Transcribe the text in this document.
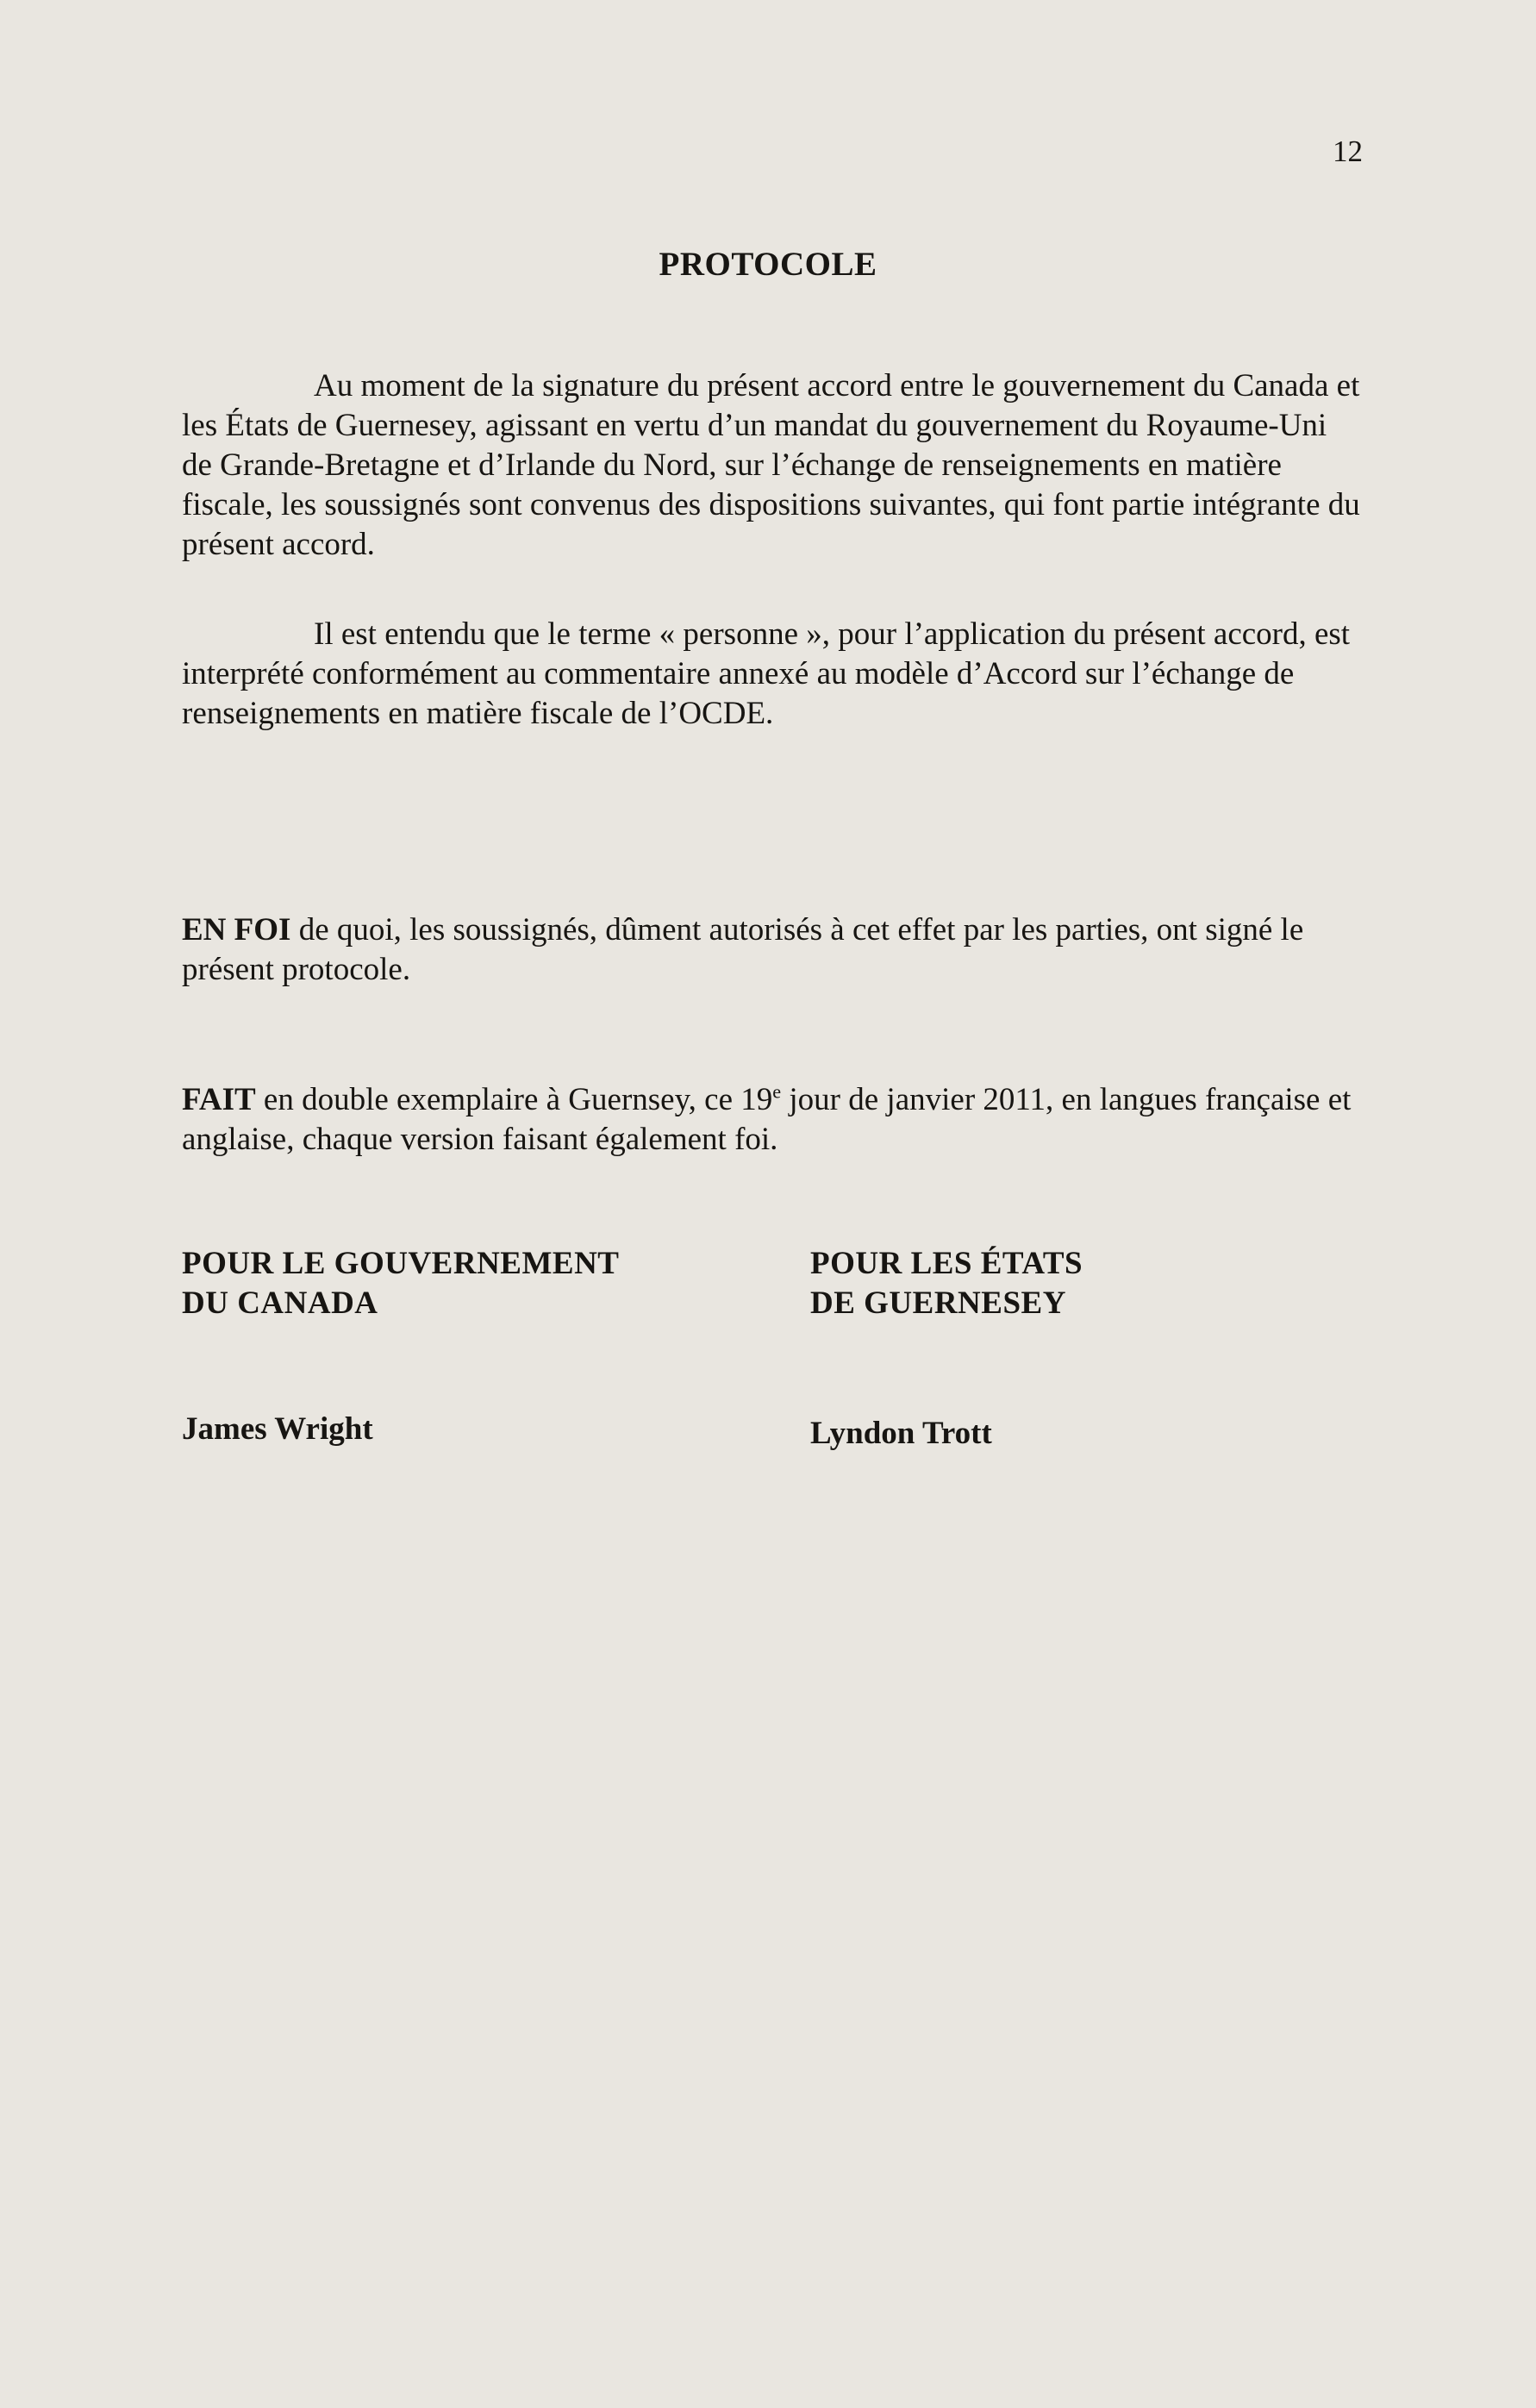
12
PROTOCOLE

Au moment de la signature du présent accord entre le gouvernement du Canada et les États de Guernesey, agissant en vertu d’un mandat du gouvernement du Royaume-Uni de Grande-Bretagne et d’Irlande du Nord, sur l’échange de renseignements en matière fiscale, les soussignés sont convenus des dispositions suivantes, qui font partie intégrante du présent accord.

Il est entendu que le terme « personne », pour l’application du présent accord, est interprété conformément au commentaire annexé au modèle d’Accord sur l’échange de renseignements en matière fiscale de l’OCDE.

EN FOI de quoi, les soussignés, dûment autorisés à cet effet par les parties, ont signé le présent protocole.

FAIT en double exemplaire à Guernsey, ce 19e jour de janvier 2011, en langues française et anglaise, chaque version faisant également foi.

POUR LE GOUVERNEMENT
DU CANADA
POUR LES ÉTATS
DE GUERNESEY
James Wright	Lyndon Trott
